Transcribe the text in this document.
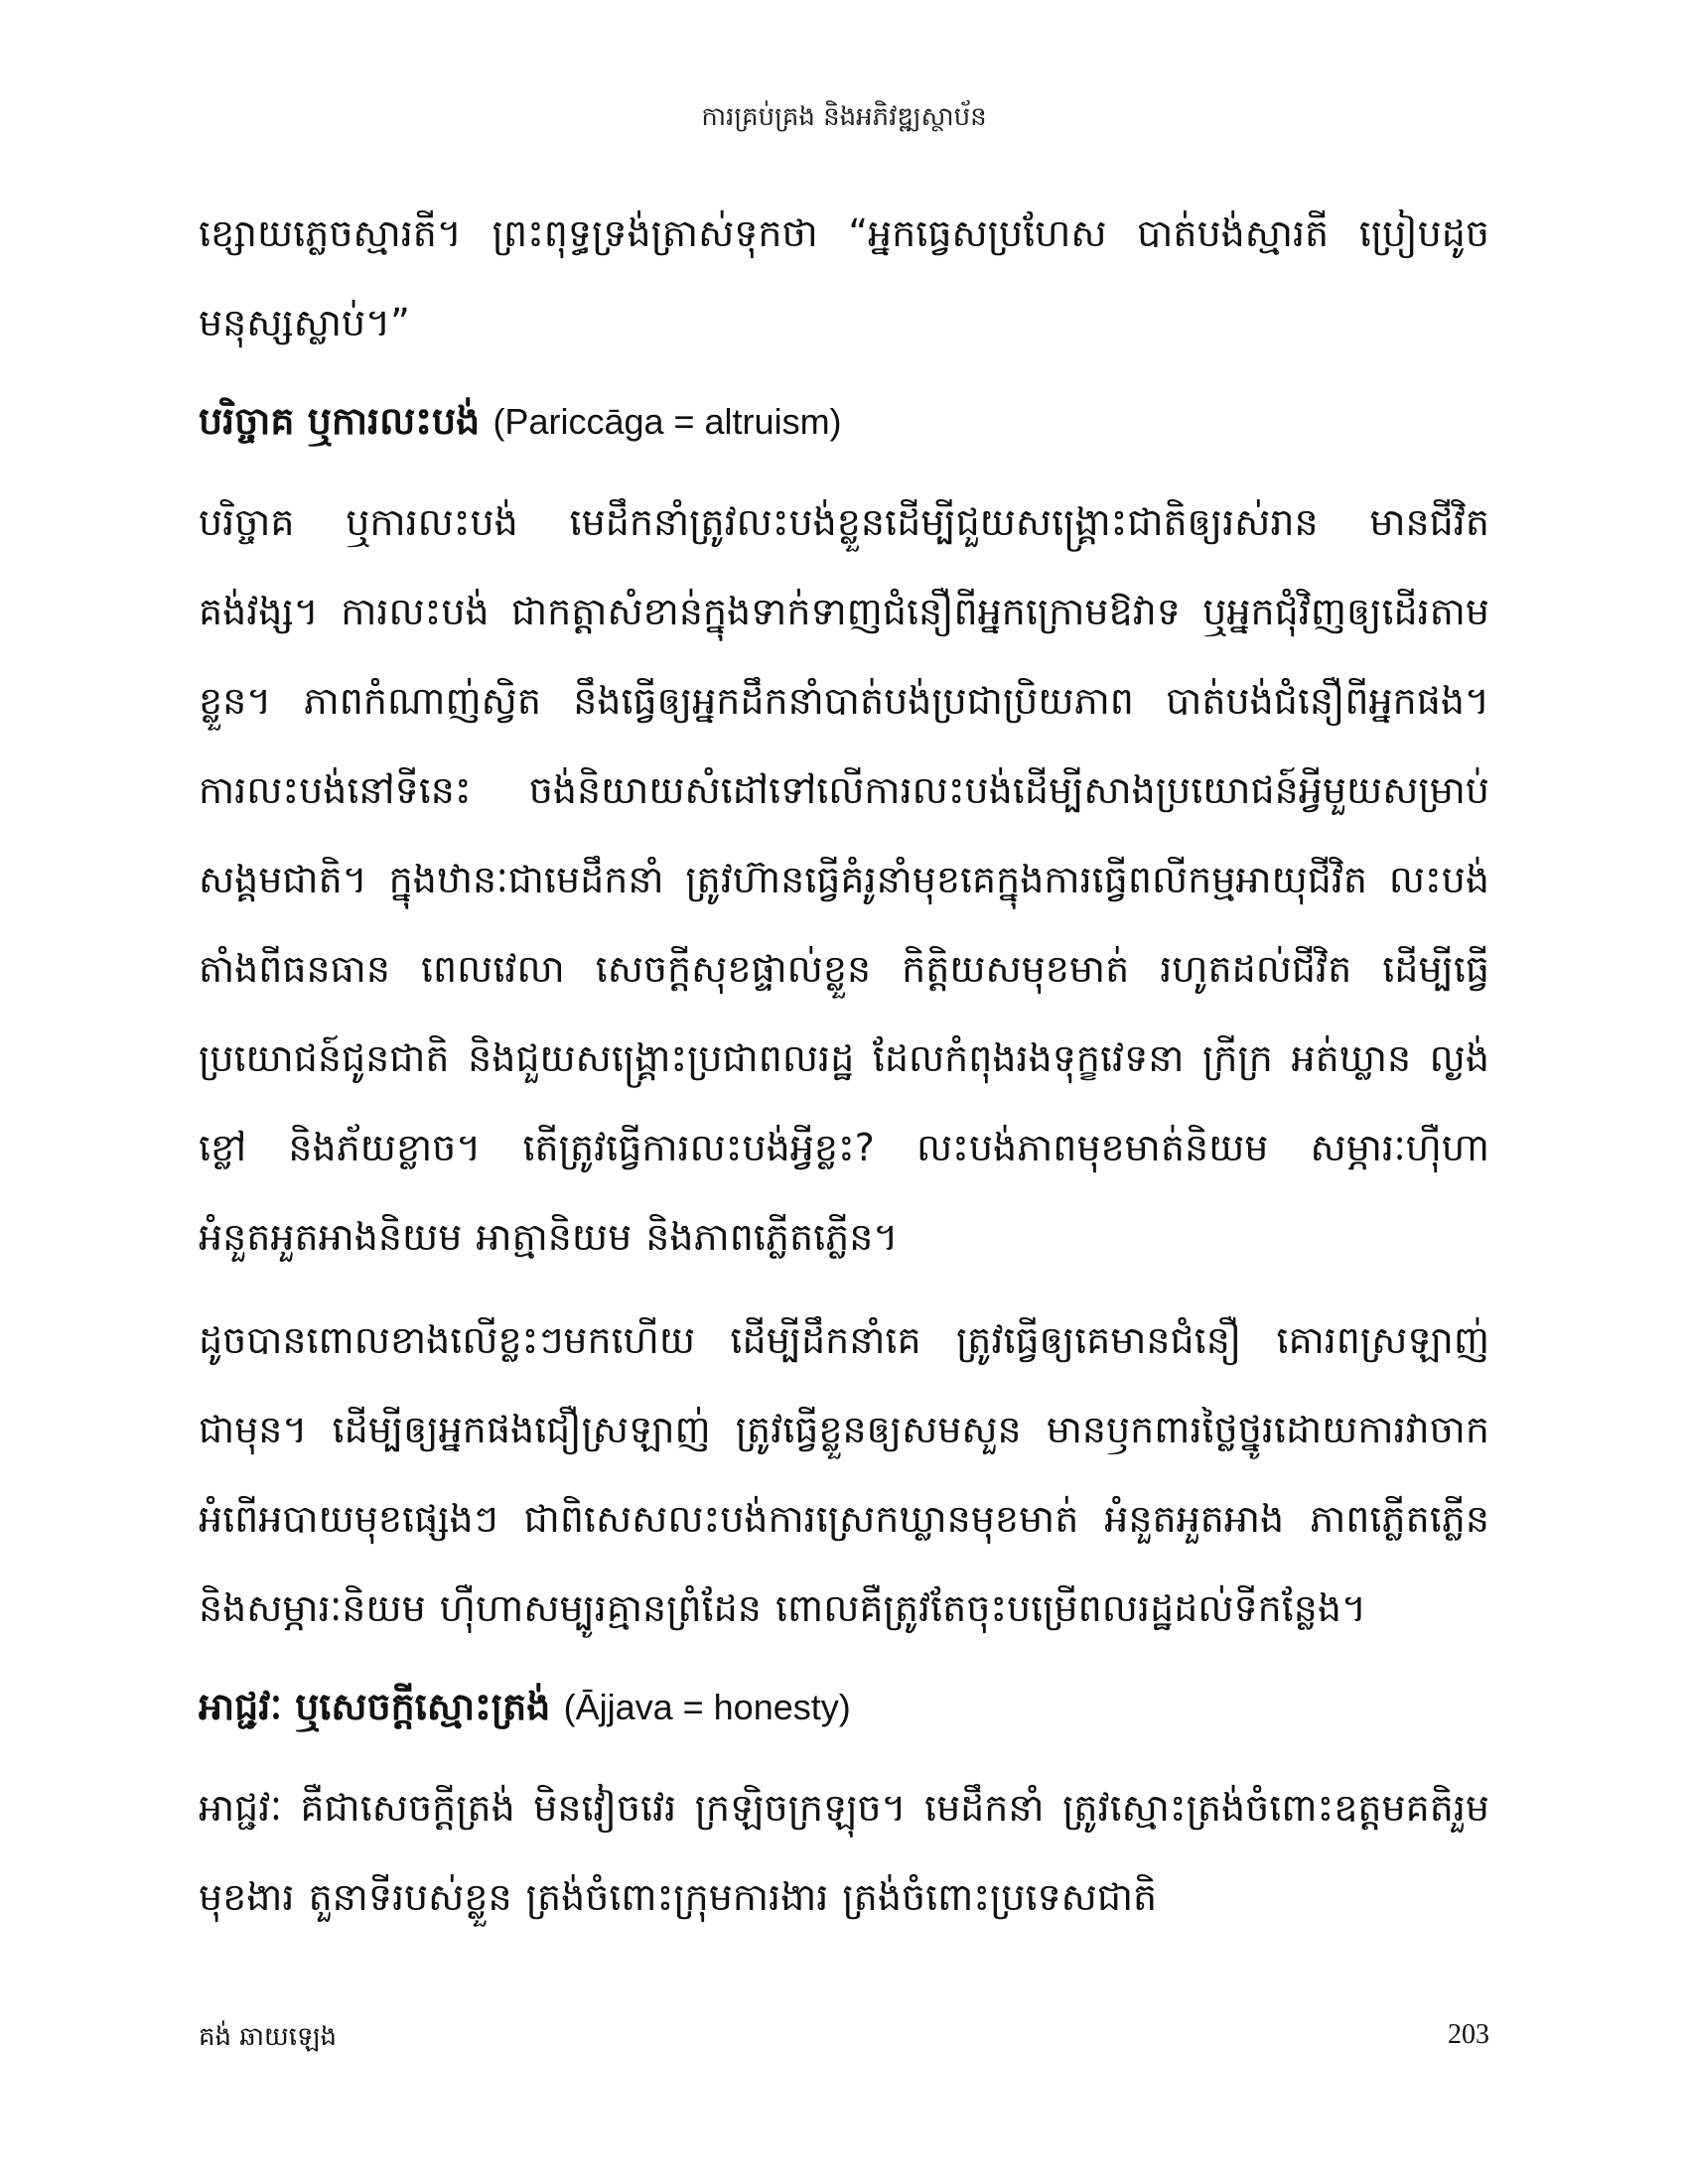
ការគ្រប់គ្រង និងអភិវឌ្ឍស្ថាប័ន

ខ្សោយភ្លេចស្មារតី។ ព្រះពុទ្ធទ្រង់ត្រាស់ទុកថា “អ្នកធ្វេសប្រហែស បាត់បង់ស្មារតី ប្រៀបដូចមនុស្សស្លាប់។”

បរិច្ចាគ ឬការលះបង់ (Pariccāga = altruism)

បរិច្ចាគ ឬការលះបង់ មេដឹកនាំត្រូវលះបង់ខ្លួនដើម្បីជួយសង្គ្រោះជាតិឲ្យរស់រាន មានជីវិតគង់វង្ស។ ការលះបង់ ជាកត្តាសំខាន់ក្នុងទាក់ទាញជំនឿពីអ្នកក្រោមឱវាទ ឬអ្នកជុំវិញឲ្យដើរតាមខ្លួន។ ភាពកំណាញ់ស្វិត នឹងធ្វើឲ្យអ្នកដឹកនាំបាត់បង់ប្រជាប្រិយភាព បាត់បង់ជំនឿពីអ្នកផង។ ការលះបង់នៅទីនេះ ចង់និយាយសំដៅទៅលើការលះបង់ដើម្បីសាងប្រយោជន៍អ្វីមួយសម្រាប់សង្គមជាតិ។ ក្នុងឋានៈជាមេដឹកនាំ ត្រូវហ៊ានធ្វើគំរូនាំមុខគេក្នុងការធ្វើពលីកម្មអាយុជីវិត លះបង់តាំងពីធនធាន ពេលវេលា សេចក្តីសុខផ្ទាល់ខ្លួន កិត្តិយសមុខមាត់ រហូតដល់ជីវិត ដើម្បីធ្វើប្រយោជន៍ជូនជាតិ និងជួយសង្គ្រោះប្រជាពលរដ្ឋ ដែលកំពុងរងទុក្ខវេទនា ក្រីក្រ អត់ឃ្លាន ល្ងង់ខ្លៅ និងភ័យខ្លាច។ តើត្រូវធ្វើការលះបង់អ្វីខ្លះ? លះបង់ភាពមុខមាត់និយម សម្ភារៈហ៊ឺហា អំនួតអួតអាងនិយម អាត្មានិយម និងភាពភ្លើតភ្លើន។

ដូចបានពោលខាងលើខ្លះៗមកហើយ ដើម្បីដឹកនាំគេ ត្រូវធ្វើឲ្យគេមានជំនឿ គោរពស្រឡាញ់ជាមុន។ ដើម្បីឲ្យអ្នកផងជឿស្រឡាញ់ ត្រូវធ្វើខ្លួនឲ្យសមសួន មានឫកពារថ្លៃថ្នូរដោយការវាចាកអំពើអបាយមុខផ្សេងៗ ជាពិសេសលះបង់ការស្រេកឃ្លានមុខមាត់ អំនួតអួតអាង ភាពភ្លើតភ្លើន និងសម្ភារៈនិយម ហ៊ឺហាសម្បូរគ្មានព្រំដែន ពោលគឺត្រូវតែចុះបម្រើពលរដ្ឋដល់ទីកន្លែង។

អាជ្ជវៈ ឬសេចក្តីស្មោះត្រង់ (Ājjava = honesty)

អាជ្ជវៈ គឺជាសេចក្តីត្រង់ មិនវៀចវេរ ក្រឡិចក្រឡុច។ មេដឹកនាំ ត្រូវស្មោះត្រង់ចំពោះឧត្តមគតិរួម មុខងារ តួនាទីរបស់ខ្លួន ត្រង់ចំពោះក្រុមការងារ ត្រង់ចំពោះប្រទេសជាតិ

គង់ ឆាយឡេង	203
